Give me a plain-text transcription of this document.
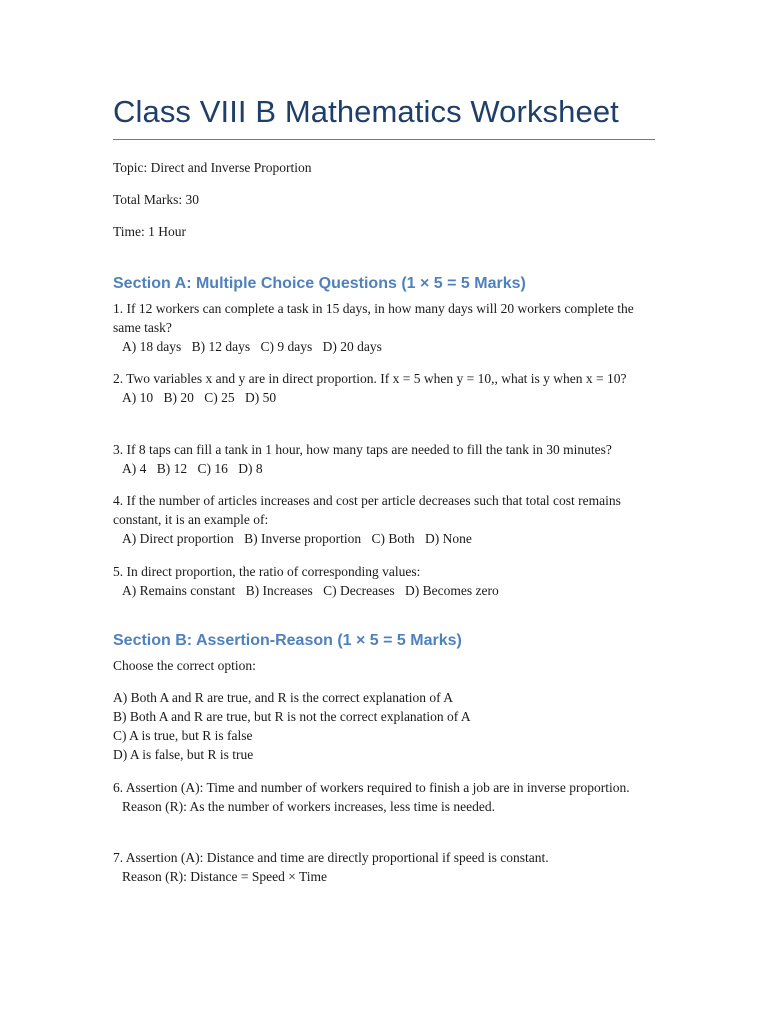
Class VIII B Mathematics Worksheet
Topic: Direct and Inverse Proportion
Total Marks: 30
Time: 1 Hour
Section A: Multiple Choice Questions (1 × 5 = 5 Marks)
1. If 12 workers can complete a task in 15 days, in how many days will 20 workers complete the same task?
A) 18 days B) 12 days C) 9 days D) 20 days
2. Two variables x and y are in direct proportion. If x = 5 when y = 10,, what is y when x = 10?
A) 10 B) 20 C) 25 D) 50
3. If 8 taps can fill a tank in 1 hour, how many taps are needed to fill the tank in 30 minutes?
A) 4 B) 12 C) 16 D) 8
4. If the number of articles increases and cost per article decreases such that total cost remains constant, it is an example of:
A) Direct proportion B) Inverse proportion C) Both D) None
5. In direct proportion, the ratio of corresponding values:
A) Remains constant B) Increases C) Decreases D) Becomes zero
Section B: Assertion-Reason (1 × 5 = 5 Marks)
Choose the correct option:
A) Both A and R are true, and R is the correct explanation of A
B) Both A and R are true, but R is not the correct explanation of A
C) A is true, but R is false
D) A is false, but R is true
6. Assertion (A): Time and number of workers required to finish a job are in inverse proportion.
Reason (R): As the number of workers increases, less time is needed.
7. Assertion (A): Distance and time are directly proportional if speed is constant.
Reason (R): Distance = Speed × Time
